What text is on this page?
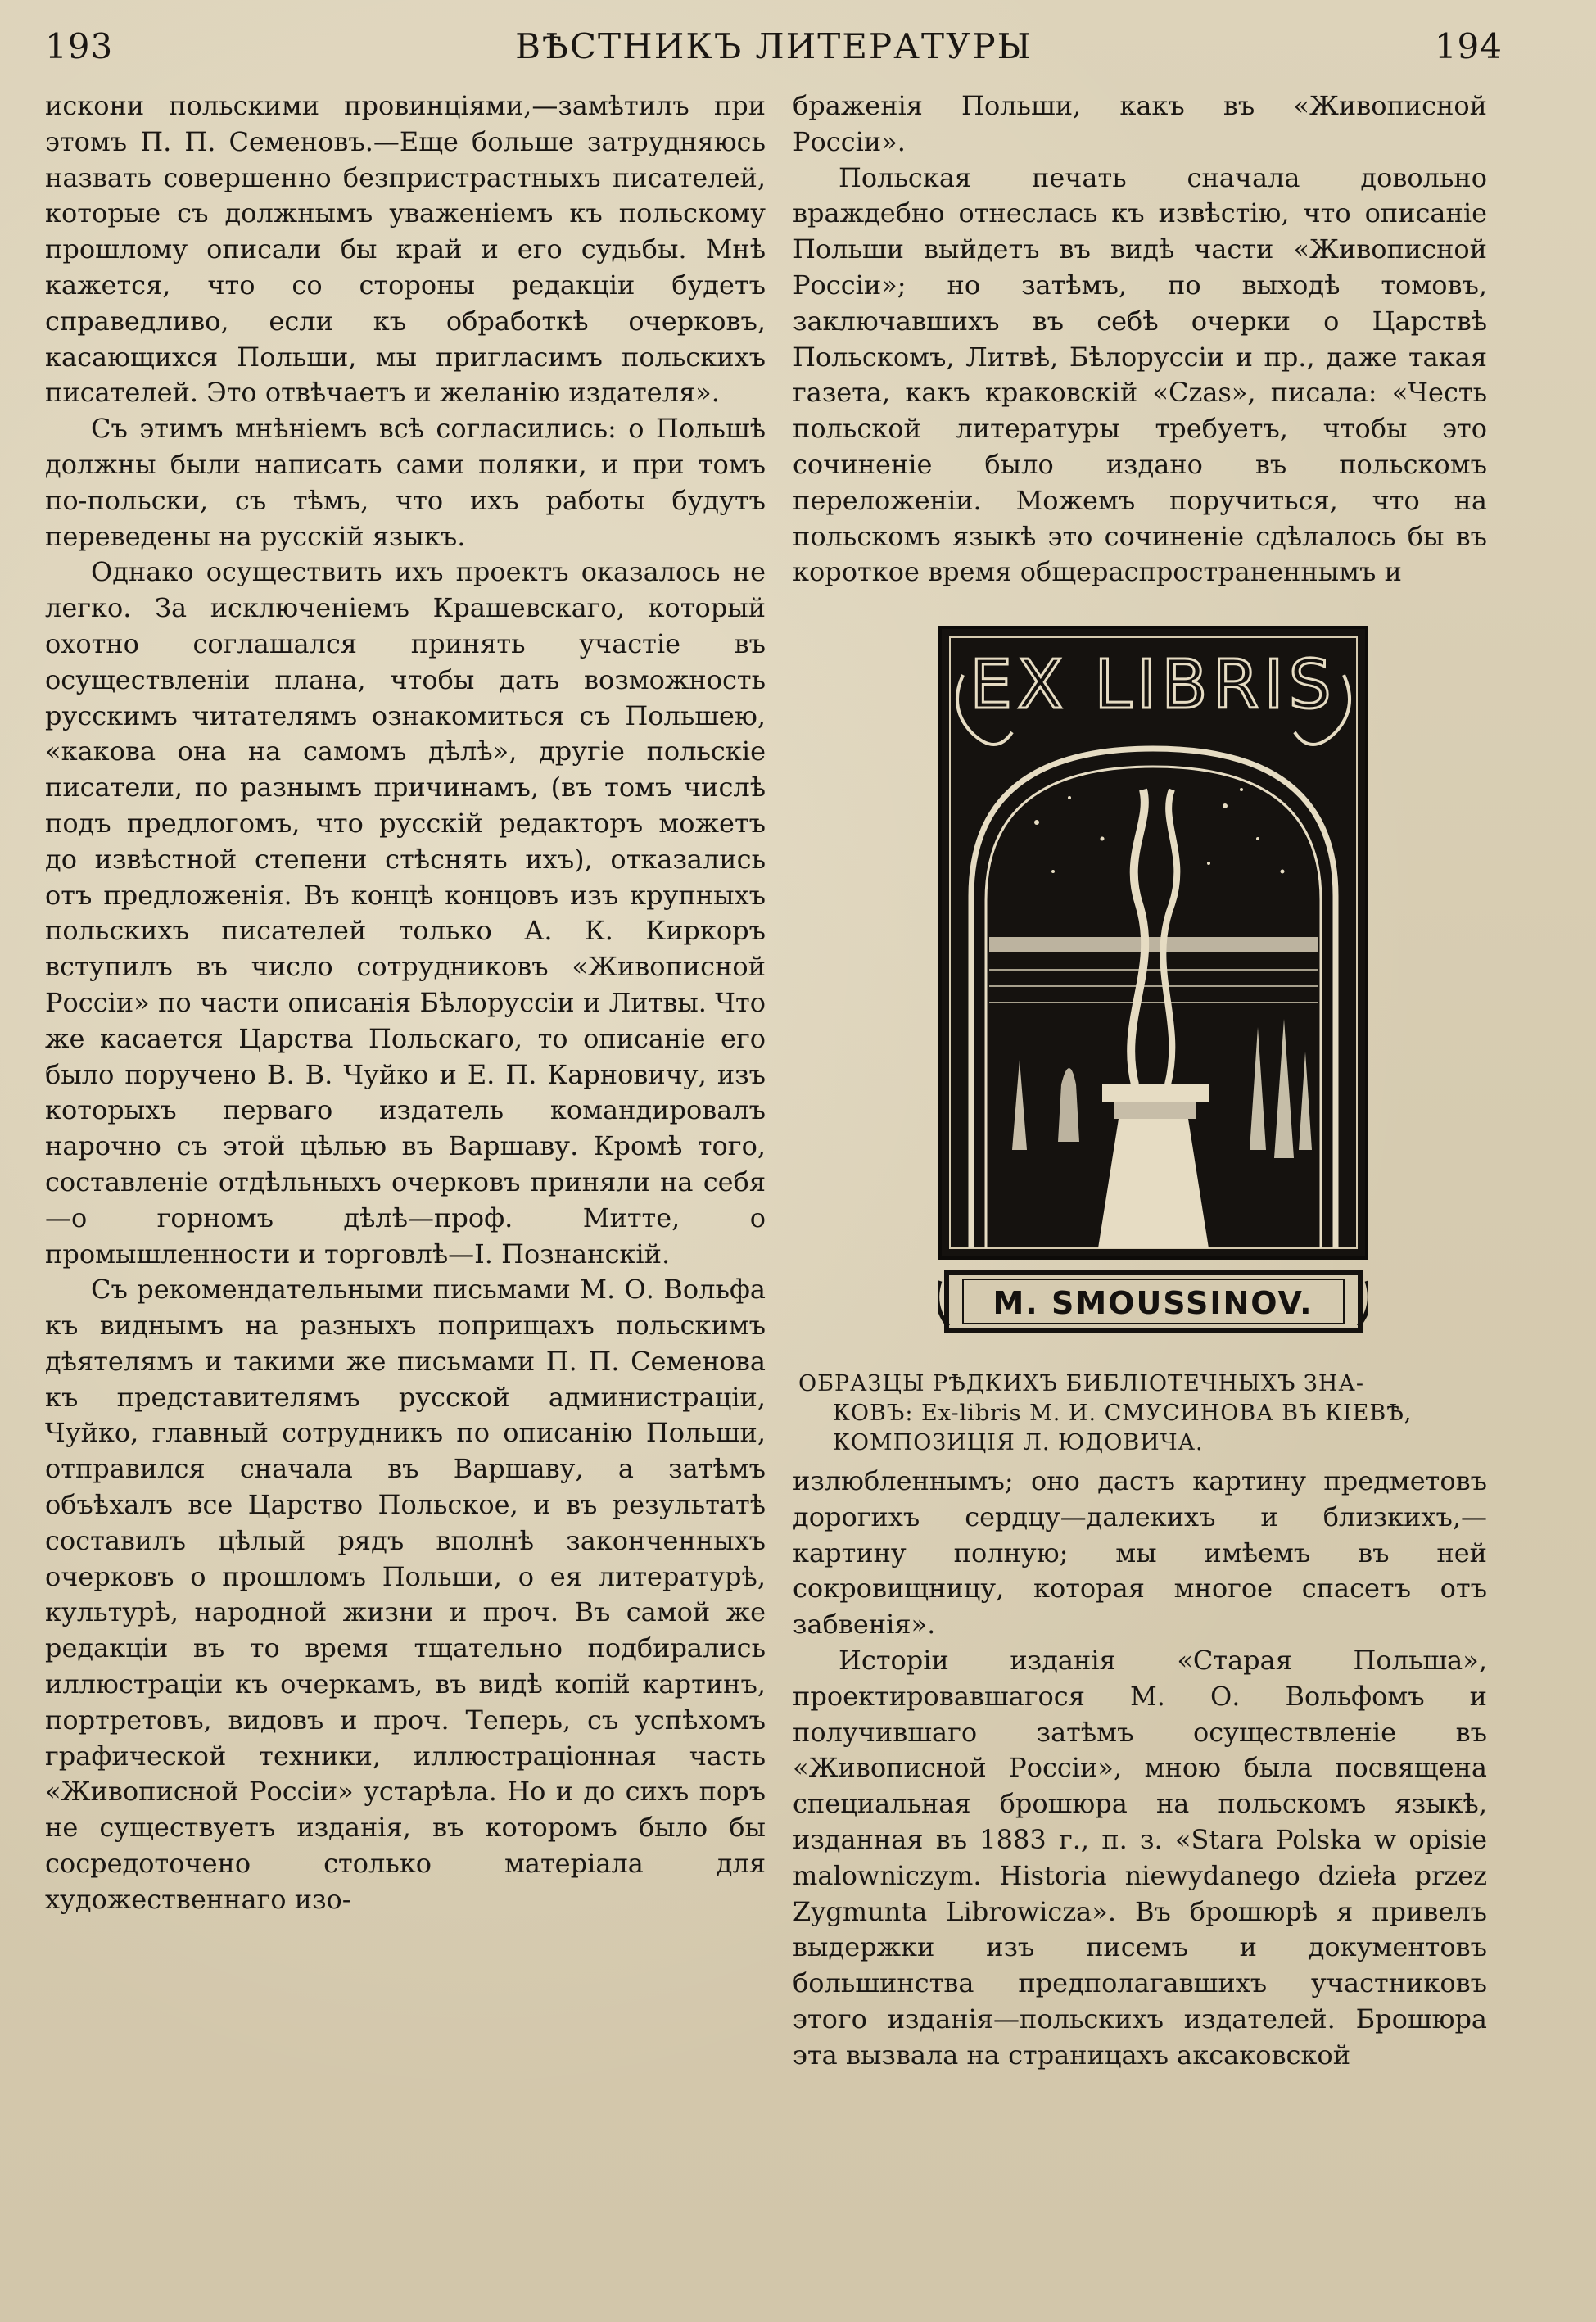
193	ВѢСТНИКЪ ЛИТЕРАТУРЫ	194

искони польскими провинціями,—замѣтилъ при этомъ П. П. Семеновъ.—Еще больше затрудняюсь назвать совершенно безпристрастныхъ писателей, которые съ должнымъ уваженіемъ къ польскому прошлому описали бы край и его судьбы. Мнѣ кажется, что со стороны редакціи будетъ справедливо, если къ обработкѣ очерковъ, касающихся Польши, мы пригласимъ польскихъ писателей. Это отвѣчаетъ и желанію издателя».

Съ этимъ мнѣніемъ всѣ согласились: о Польшѣ должны были написать сами поляки, и при томъ по-польски, съ тѣмъ, что ихъ работы будутъ переведены на русскій языкъ.

Однако осуществить ихъ проектъ оказалось не легко. За исключеніемъ Крашевскаго, который охотно соглашался принять участіе въ осуществленіи плана, чтобы дать возможность русскимъ читателямъ ознакомиться съ Польшею, «какова она на самомъ дѣлѣ», другіе польскіе писатели, по разнымъ причинамъ, (въ томъ числѣ подъ предлогомъ, что русскій редакторъ можетъ до извѣстной степени стѣснять ихъ), отказались отъ предложенія. Въ концѣ концовъ изъ крупныхъ польскихъ писателей только А. К. Киркоръ вступилъ въ число сотрудниковъ «Живописной Россіи» по части описанія Бѣлоруссіи и Литвы. Что же касается Царства Польскаго, то описаніе его было поручено В. В. Чуйко и Е. П. Карновичу, изъ которыхъ перваго издатель командировалъ нарочно съ этой цѣлью въ Варшаву. Кромѣ того, составленіе отдѣльныхъ очерковъ приняли на себя—о горномъ дѣлѣ—проф. Митте, о промышленности и торговлѣ—І. Познанскій.

Съ рекомендательными письмами М. О. Вольфа къ виднымъ на разныхъ поприщахъ польскимъ дѣятелямъ и такими же письмами П. П. Семенова къ представителямъ русской администраціи, Чуйко, главный сотрудникъ по описанію Польши, отправился сначала въ Варшаву, а затѣмъ объѣхалъ все Царство Польское, и въ результатѣ составилъ цѣлый рядъ вполнѣ законченныхъ очерковъ о прошломъ Польши, о ея литературѣ, культурѣ, народной жизни и проч. Въ самой же редакціи въ то время тщательно подбирались иллюстраціи къ очеркамъ, въ видѣ копій картинъ, портретовъ, видовъ и проч. Теперь, съ успѣхомъ графической техники, иллюстраціонная часть «Живописной Россіи» устарѣла. Но и до сихъ поръ не существуетъ изданія, въ которомъ было бы сосредоточено столько матеріала для художественнаго изо-

браженія Польши, какъ въ «Живописной Россіи».

Польская печать сначала довольно враждебно отнеслась къ извѣстію, что описаніе Польши выйдетъ въ видѣ части «Живописной Россіи»; но затѣмъ, по выходѣ томовъ, заключавшихъ въ себѣ очерки о Царствѣ Польскомъ, Литвѣ, Бѣлоруссіи и пр., даже такая газета, какъ краковскій «Czas», писала: «Честь польской литературы требуетъ, чтобы это сочиненіе было издано въ польскомъ переложеніи. Можемъ поручиться, что на польскомъ языкѣ это сочиненіе сдѣлалось бы въ короткое время общераспространеннымъ и

EX LIBRIS
M. SMOUSSINOV.
ОБРАЗЦЫ РѢДКИХЪ БИБЛІОТЕЧНЫХЪ ЗНА-
КОВЪ: Ex-libris М. И. СМУСИНОВА ВЪ КІЕВѢ,
КОМПОЗИЦІЯ Л. ЮДОВИЧА.

излюбленнымъ; оно дастъ картину предметовъ дорогихъ сердцу—далекихъ и близкихъ,—картину полную; мы имѣемъ въ ней сокровищницу, которая многое спасетъ отъ забвенія».

Исторіи изданія «Старая Польша», проектировавшагося М. О. Вольфомъ и получившаго затѣмъ осуществленіе въ «Живописной Россіи», мною была посвящена специальная брошюра на польскомъ языкѣ, изданная въ 1883 г., п. з. «Stara Polska w opisie malowniczym. Historia niewydanego dzieła przez Zygmunta Librowicza». Въ брошюрѣ я привелъ выдержки изъ писемъ и документовъ большинства предполагавшихъ участниковъ этого изданія—польскихъ издателей. Брошюра эта вызвала на страницахъ аксаковской
